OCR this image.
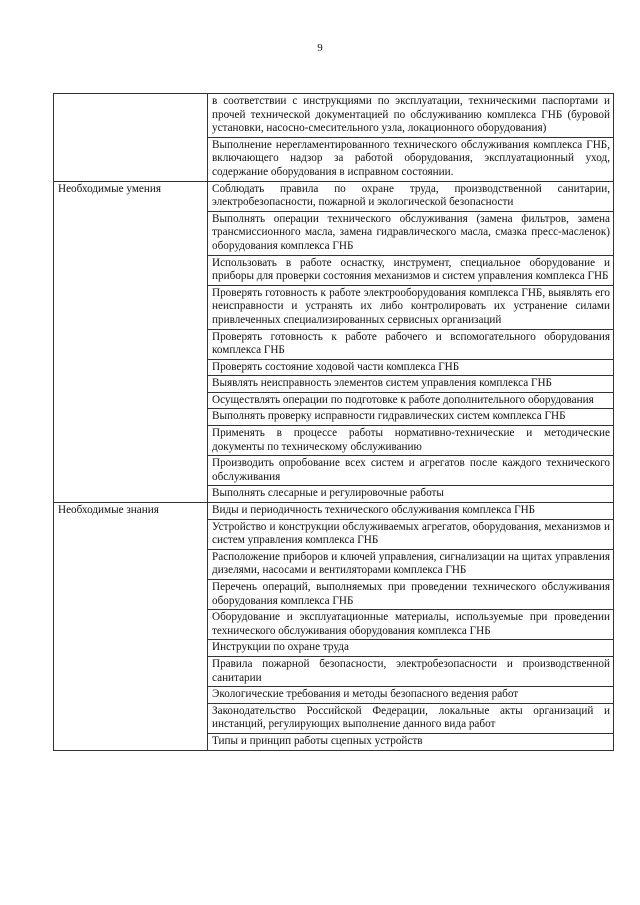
9
	в соответствии с инструкциями по эксплуатации, техническими паспортами и прочей технической документацией по обслуживанию комплекса ГНБ (буровой установки, насосно-смесительного узла, локационного оборудования)
	Выполнение нерегламентированного технического обслуживания комплекса ГНБ, включающего надзор за работой оборудования, эксплуатационный уход, содержание оборудования в исправном состоянии.
Необходимые умения	Соблюдать правила по охране труда, производственной санитарии, электробезопасности, пожарной и экологической безопасности
	Выполнять операции технического обслуживания (замена фильтров, замена трансмиссионного масла, замена гидравлического масла, смазка пресс-масленок) оборудования комплекса ГНБ
	Использовать в работе оснастку, инструмент, специальное оборудование и приборы для проверки состояния механизмов и систем управления комплекса ГНБ
	Проверять готовность к работе электрооборудования комплекса ГНБ, выявлять его неисправности и устранять их либо контролировать их устранение силами привлеченных специализированных сервисных организаций
	Проверять готовность к работе рабочего и вспомогательного оборудования комплекса ГНБ
	Проверять состояние ходовой части комплекса ГНБ
	Выявлять неисправность элементов систем управления комплекса ГНБ
	Осуществлять операции по подготовке к работе дополнительного оборудования
	Выполнять проверку исправности гидравлических систем комплекса ГНБ
	Применять в процессе работы нормативно-технические и методические документы по техническому обслуживанию
	Производить опробование всех систем и агрегатов после каждого технического обслуживания
	Выполнять слесарные и регулировочные работы
Необходимые знания	Виды и периодичность технического обслуживания комплекса ГНБ
	Устройство и конструкции обслуживаемых агрегатов, оборудования, механизмов и систем управления комплекса ГНБ
	Расположение приборов и ключей управления, сигнализации на щитах управления дизелями, насосами и вентиляторами комплекса ГНБ
	Перечень операций, выполняемых при проведении технического обслуживания оборудования комплекса ГНБ
	Оборудование и эксплуатационные материалы, используемые при проведении технического обслуживания оборудования комплекса ГНБ
	Инструкции по охране труда
	Правила пожарной безопасности, электробезопасности и производственной санитарии
	Экологические требования и методы безопасного ведения работ
	Законодательство Российской Федерации, локальные акты организаций и инстанций, регулирующих выполнение данного вида работ
	Типы и принцип работы сцепных устройств
